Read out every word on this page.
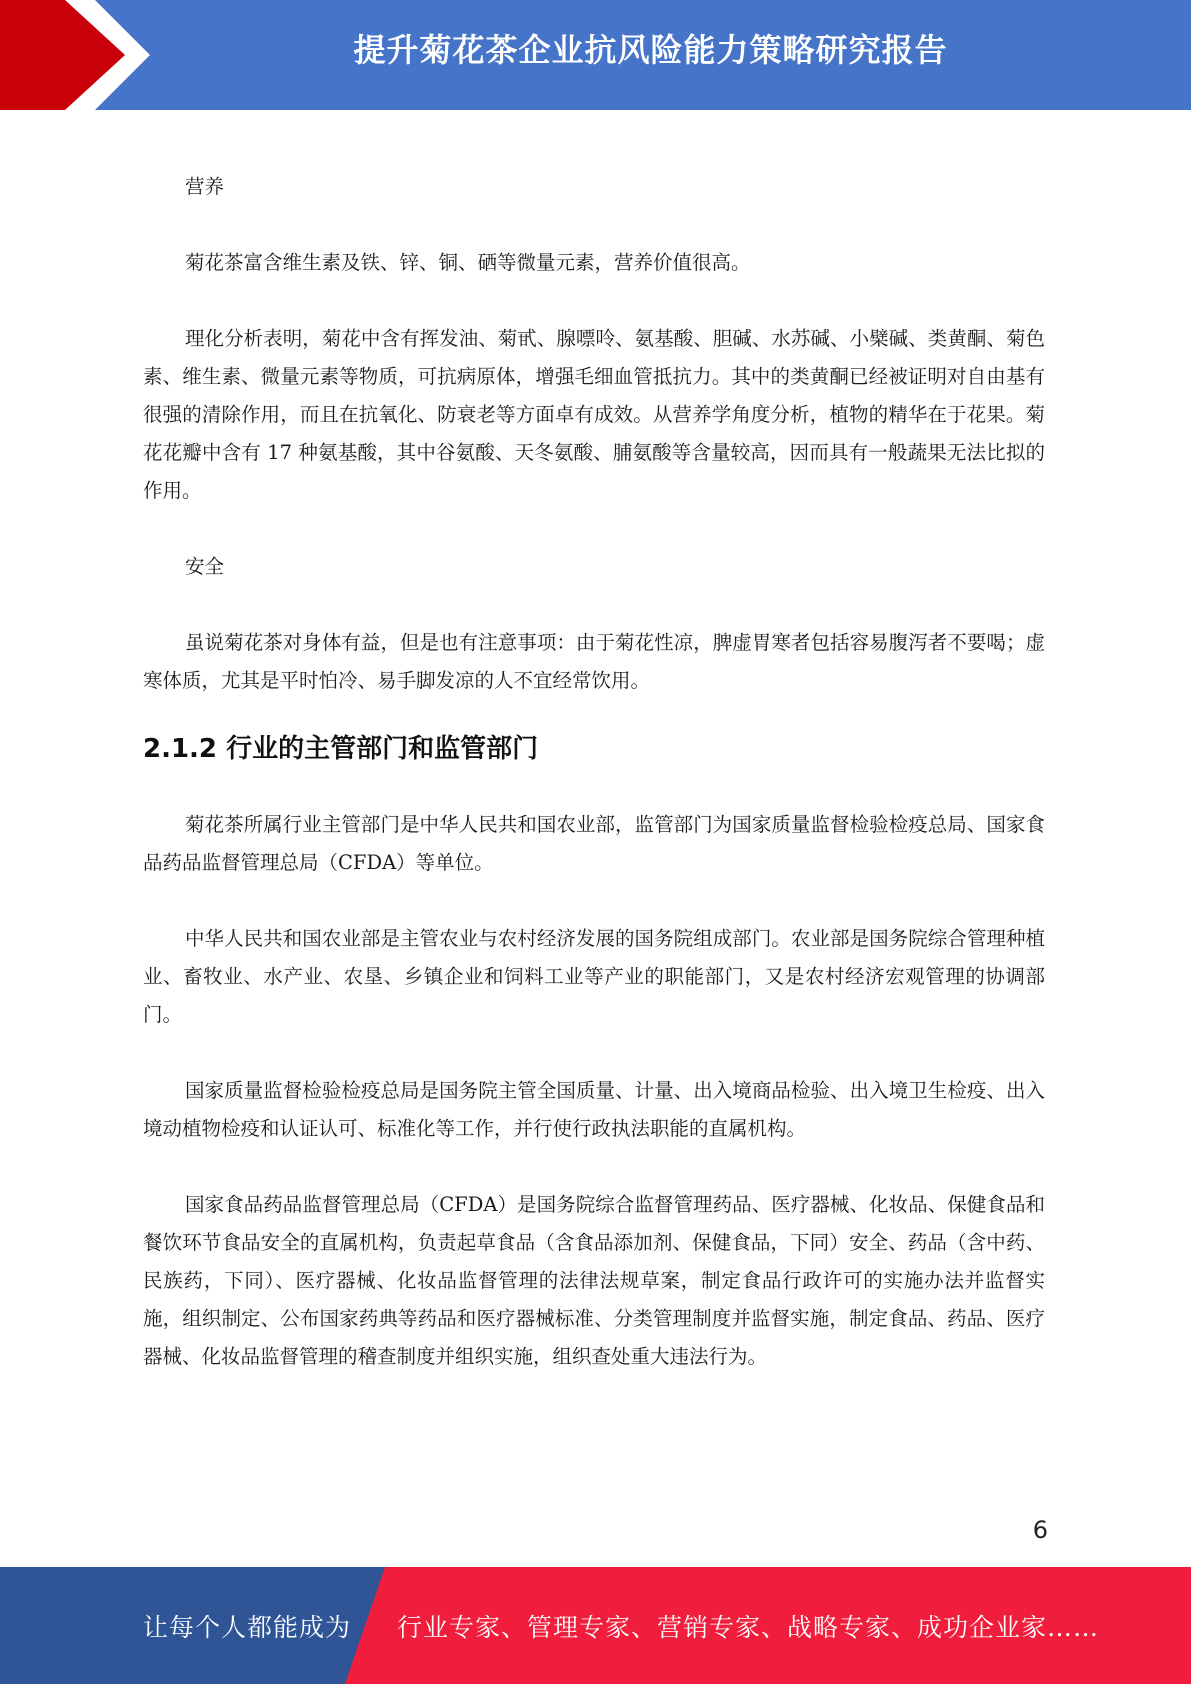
提升菊花茶企业抗风险能力策略研究报告

营养

菊花茶富含维生素及铁、锌、铜、硒等微量元素，营养价值很高。

理化分析表明，菊花中含有挥发油、菊甙、腺嘌呤、氨基酸、胆碱、水苏碱、小檗碱、类黄酮、菊色素、维生素、微量元素等物质，可抗病原体，增强毛细血管抵抗力。其中的类黄酮已经被证明对自由基有很强的清除作用，而且在抗氧化、防衰老等方面卓有成效。从营养学角度分析，植物的精华在于花果。菊花花瓣中含有 17 种氨基酸，其中谷氨酸、天冬氨酸、脯氨酸等含量较高，因而具有一般蔬果无法比拟的作用。

安全

虽说菊花茶对身体有益，但是也有注意事项：由于菊花性凉，脾虚胃寒者包括容易腹泻者不要喝；虚寒体质，尤其是平时怕冷、易手脚发凉的人不宜经常饮用。

2.1.2 行业的主管部门和监管部门

菊花茶所属行业主管部门是中华人民共和国农业部，监管部门为国家质量监督检验检疫总局、国家食品药品监督管理总局（CFDA）等单位。

中华人民共和国农业部是主管农业与农村经济发展的国务院组成部门。农业部是国务院综合管理种植业、畜牧业、水产业、农垦、乡镇企业和饲料工业等产业的职能部门，又是农村经济宏观管理的协调部门。

国家质量监督检验检疫总局是国务院主管全国质量、计量、出入境商品检验、出入境卫生检疫、出入境动植物检疫和认证认可、标准化等工作，并行使行政执法职能的直属机构。

国家食品药品监督管理总局（CFDA）是国务院综合监督管理药品、医疗器械、化妆品、保健食品和餐饮环节食品安全的直属机构，负责起草食品（含食品添加剂、保健食品，下同）安全、药品（含中药、民族药，下同）、医疗器械、化妆品监督管理的法律法规草案，制定食品行政许可的实施办法并监督实施，组织制定、公布国家药典等药品和医疗器械标准、分类管理制度并监督实施，制定食品、药品、医疗器械、化妆品监督管理的稽查制度并组织实施，组织查处重大违法行为。

6
让每个人都能成为 行业专家、管理专家、营销专家、战略专家、成功企业家……
